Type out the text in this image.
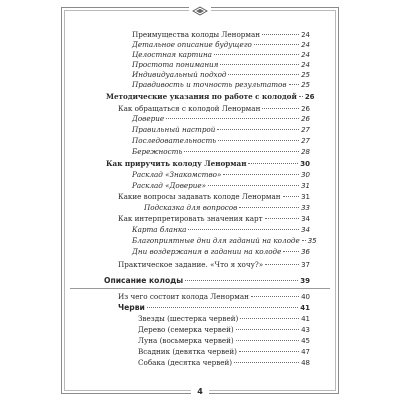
Преимущества колоды Ленорман	24
Детальное описание будущего	24
Целостная картина	24
Простота понимания	24
Индивидуальный подход	25
Правдивость и точность результатов 25
Методические указания по работе с колодой 26
Как обращаться с колодой Ленорман	26
Доверие	26
Правильный настрой	27
Последовательность	27
Бережность	28
Как приручить колоду Ленорман	30
Расклад «Знакомство»	30
Расклад «Доверие»	31
Какие вопросы задавать колоде Ленорман	31
Подсказка для вопросов	33
Как интерпретировать значения карт	34
Карта бланка	34
Благоприятные дни для гаданий на колоде 35
Дни воздержания в гадании на колоде	36
Практическое задание. «Что я хочу?»	37
Описание колоды	39
Из чего состоит колода Ленорман	40
Черви	41
Звезды (шестерка червей)	41
Дерево (семерка червей)	43
Луна (восьмерка червей)	45
Всадник (девятка червей)	47
Собака (десятка червей)	48
4
